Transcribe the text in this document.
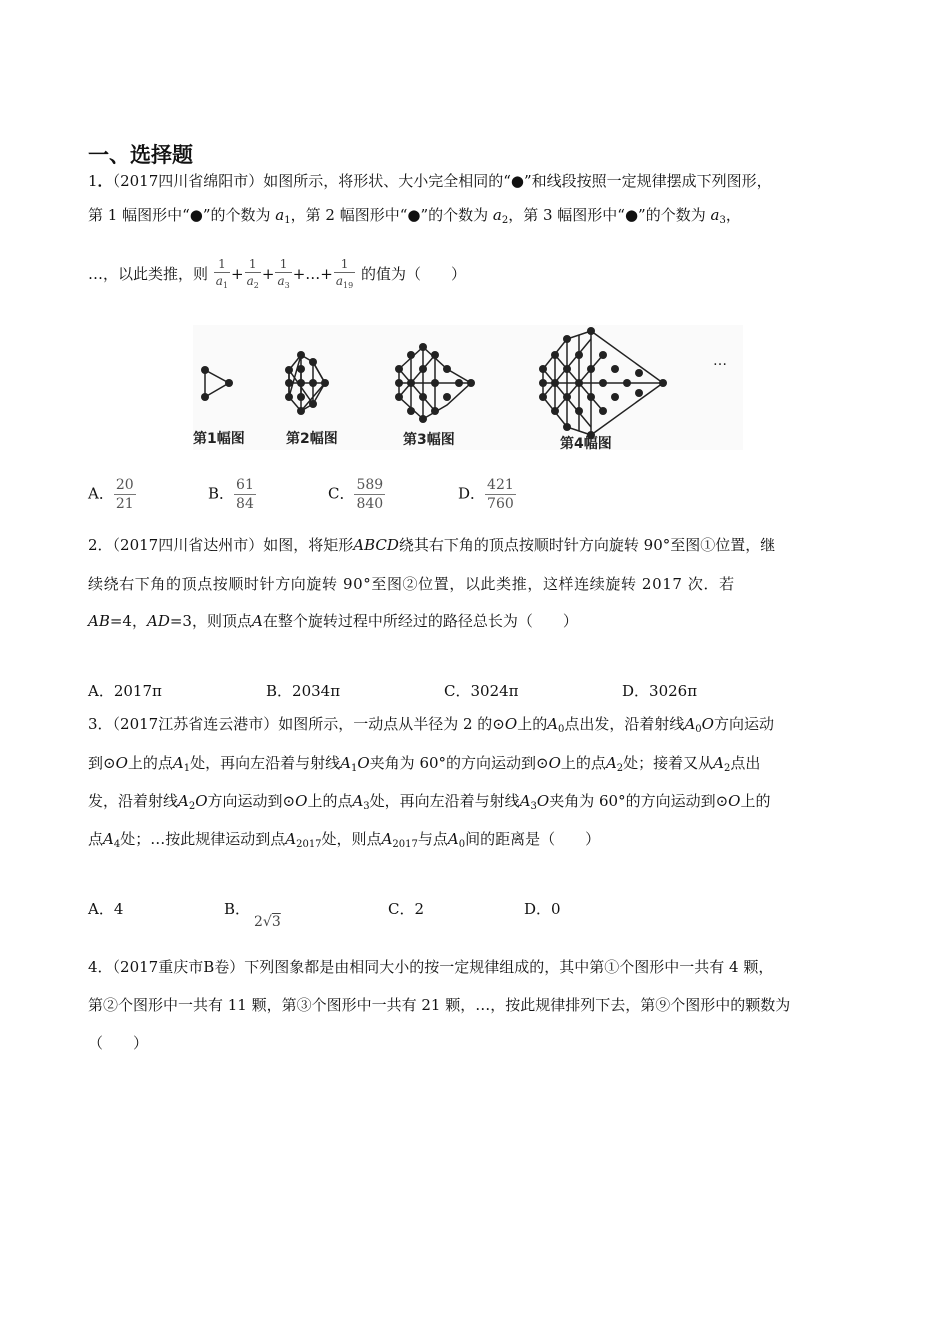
一、选择题
1．（2017四川省绵阳市）如图所示，将形状、大小完全相同的“●”和线段按照一定规律摆成下列图形，
第 1 幅图形中“●”的个数为 $a_1$，第 2 幅图形中“●”的个数为 $a_2$，第 3 幅图形中“●”的个数为 $a_3$，
…，以此类推，则 $\frac{1}{a_1} + \frac{1}{a_2} + \frac{1}{a_3}$ +…+ $\frac{1}{a_{19}}$ 的值为（　　）
第1幅图	第2幅图	第3幅图	第4幅图
…
A． $\frac{20}{21}$	B． $\frac{61}{84}$	C． $\frac{589}{840}$	D． $\frac{421}{760}$
2．（2017四川省达州市）如图，将矩形ABCD绕其右下角的顶点按顺时针方向旋转 90°至图①位置，继
续绕右下角的顶点按顺时针方向旋转 90°至图②位置，以此类推，这样连续旋转 2017 次．若
AB=4，AD=3，则顶点A在整个旋转过程中所经过的路径总长为（　　）
A．2017π	B．2034π	C．3024π	D．3026π
3．（2017江苏省连云港市）如图所示，一动点从半径为 2 的⊙O上的$A_0$点出发，沿着射线$A_0O$方向运动
到⊙O上的点$A_1$处，再向左沿着与射线$A_1O$夹角为 60°的方向运动到⊙O上的点$A_2$处；接着又从$A_2$点出
发，沿着射线$A_2O$方向运动到⊙O上的点$A_3$处，再向左沿着与射线$A_3O$夹角为 60°的方向运动到⊙O上的
点$A_4$处；…按此规律运动到点$A_{2017}$处，则点$A_{2017}$与点$A_0$间的距离是（　　）
A．4	B．
2√3
C．2	D．0
4．（2017重庆市B卷）下列图象都是由相同大小的按一定规律组成的，其中第①个图形中一共有 4 颗，
第②个图形中一共有 11 颗，第③个图形中一共有 21 颗，…，按此规律排列下去，第⑨个图形中的颗数为
（　　）
